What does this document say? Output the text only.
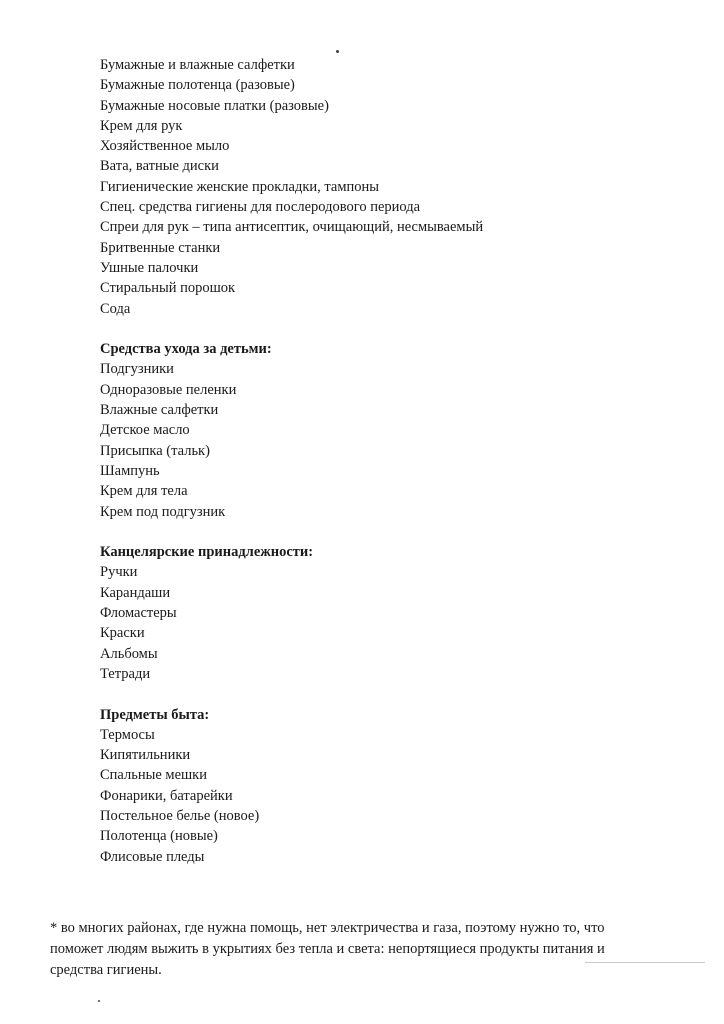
Бумажные и влажные салфетки
Бумажные полотенца (разовые)
Бумажные носовые платки (разовые)
Крем для рук
Хозяйственное мыло
Вата, ватные диски
Гигиенические женские прокладки, тампоны
Спец. средства гигиены для послеродового периода
Спреи для рук – типа антисептик, очищающий, несмываемый
Бритвенные станки
Ушные палочки
Стиральный порошок
Сода
Средства ухода за детьми:
Подгузники
Одноразовые пеленки
Влажные салфетки
Детское масло
Присыпка (тальк)
Шампунь
Крем для тела
Крем под подгузник
Канцелярские принадлежности:
Ручки
Карандаши
Фломастеры
Краски
Альбомы
Тетради
Предметы быта:
Термосы
Кипятильники
Спальные мешки
Фонарики, батарейки
Постельное белье (новое)
Полотенца (новые)
Флисовые пледы
* во многих районах, где нужна помощь, нет электричества и газа, поэтому нужно то, что
поможет людям выжить в укрытиях без тепла и света: непортящиеся продукты питания и
средства гигиены.
